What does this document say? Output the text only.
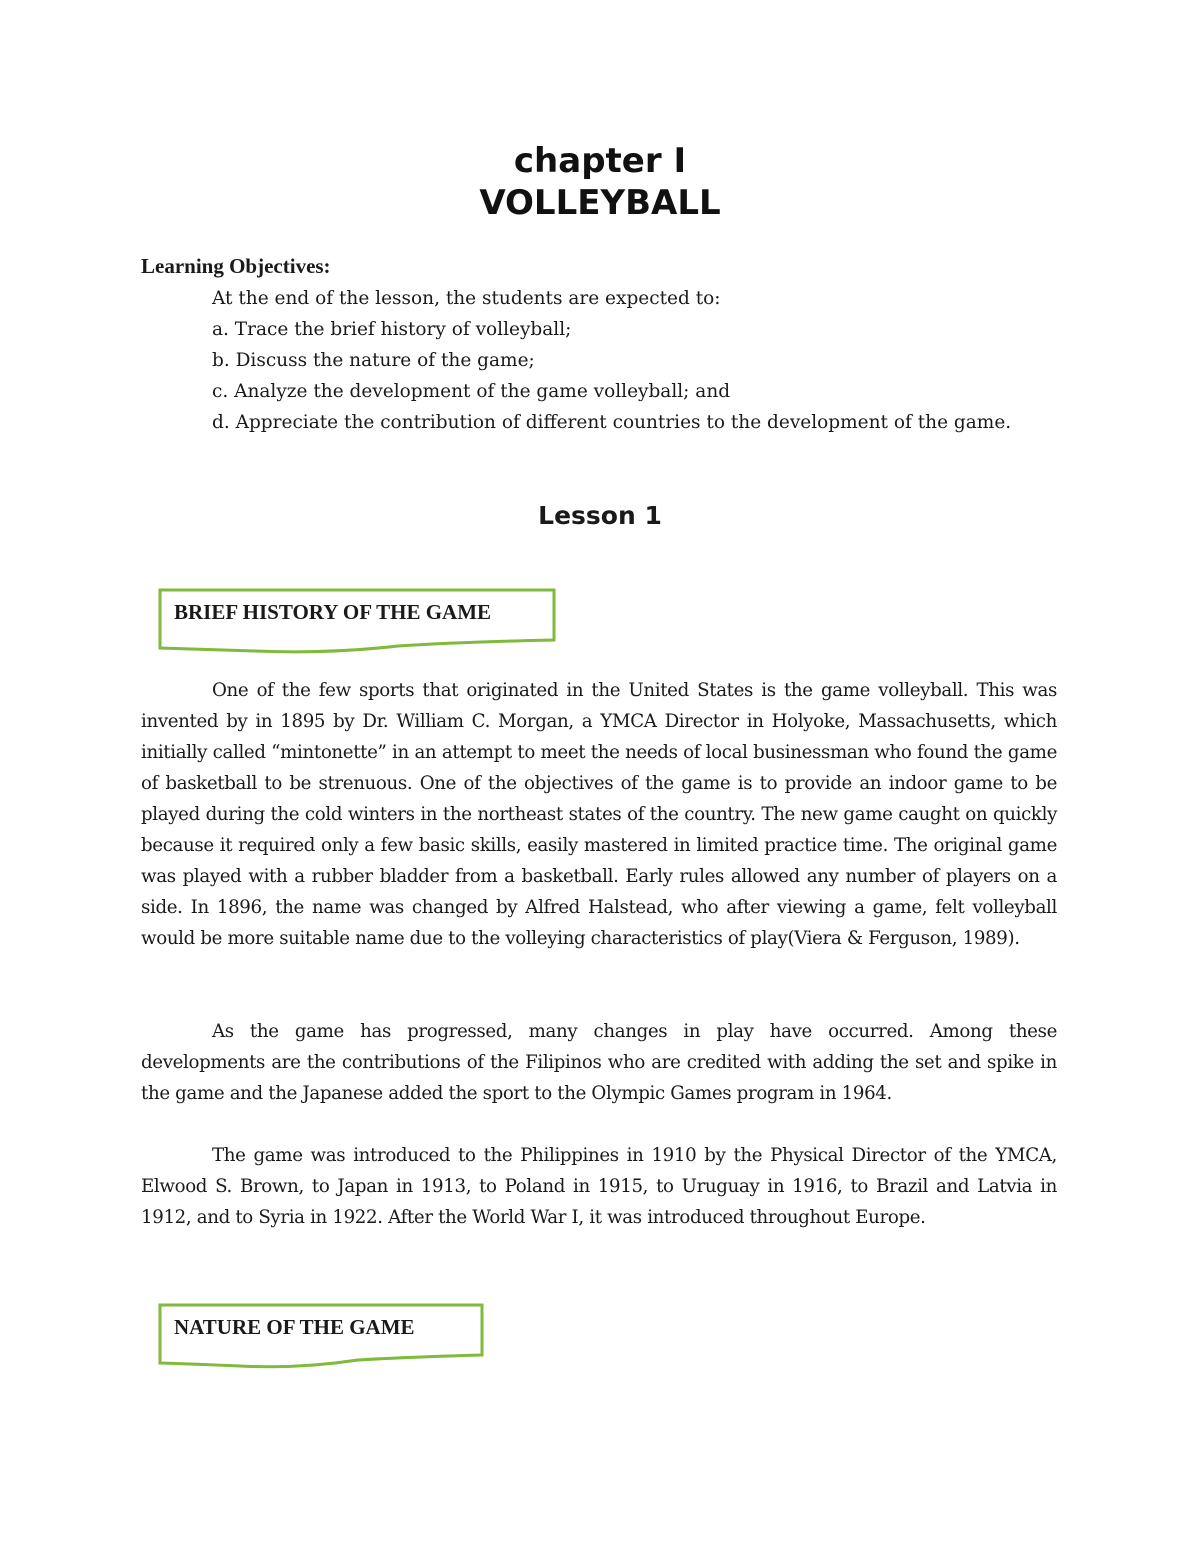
chapter I
VOLLEYBALL
Learning Objectives:
At the end of the lesson, the students are expected to:
a. Trace the brief history of volleyball;
b. Discuss the nature of the game;
c. Analyze the development of the game volleyball; and
d. Appreciate the contribution of different countries to the development of the game.
Lesson 1
BRIEF HISTORY OF THE GAME
One of the few sports that originated in the United States is the game volleyball. This was invented by in 1895 by Dr. William C. Morgan, a YMCA Director in Holyoke, Massachusetts, which initially called “mintonette” in an attempt to meet the needs of local businessman who found the game of basketball to be strenuous. One of the objectives of the game is to provide an indoor game to be played during the cold winters in the northeast states of the country. The new game caught on quickly because it required only a few basic skills, easily mastered in limited practice time. The original game was played with a rubber bladder from a basketball. Early rules allowed any number of players on a side. In 1896, the name was changed by Alfred Halstead, who after viewing a game, felt volleyball would be more suitable name due to the volleying characteristics of play(Viera & Ferguson, 1989).
As the game has progressed, many changes in play have occurred. Among these developments are the contributions of the Filipinos who are credited with adding the set and spike in the game and the Japanese added the sport to the Olympic Games program in 1964.
The game was introduced to the Philippines in 1910 by the Physical Director of the YMCA, Elwood S. Brown, to Japan in 1913, to Poland in 1915, to Uruguay in 1916, to Brazil and Latvia in 1912, and to Syria in 1922. After the World War I, it was introduced throughout Europe.
NATURE OF THE GAME
